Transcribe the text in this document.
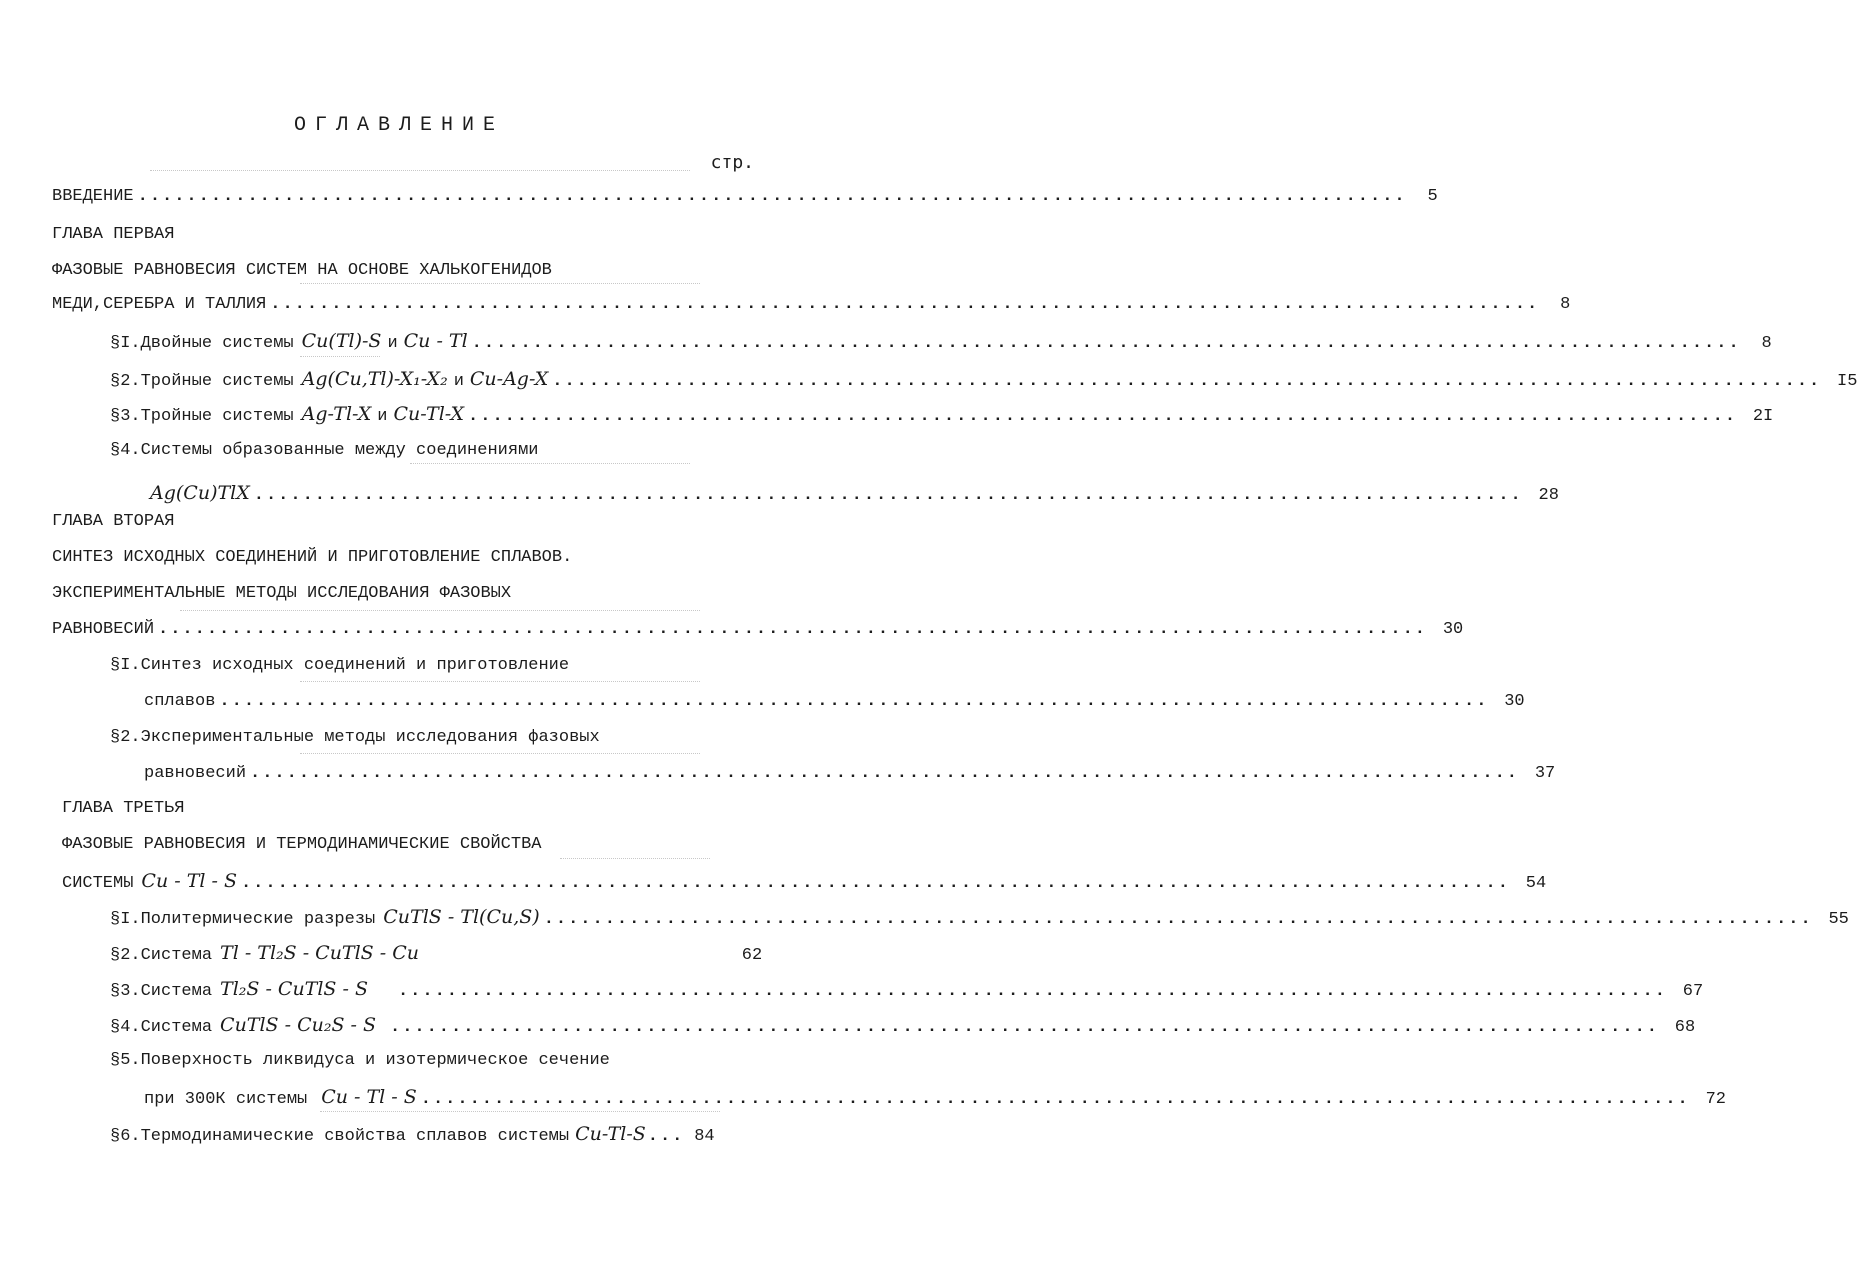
ОГЛАВЛЕНИЕ
стр.
ВВЕДЕНИЕ ........................................................................................................	5
ГЛАВА ПЕРВАЯ
ФАЗОВЫЕ РАВНОВЕСИЯ СИСТЕМ НА ОСНОВЕ ХАЛЬКОГЕНИДОВ
МЕДИ,СЕРЕБРА И ТАЛЛИЯ ........................................................................................................	8
§I.Двойные системы Cu(Tl)-S и Cu - Tl ........................................................................................................	8
§2.Тройные системы Ag(Cu,Tl)-X₁-X₂ и Cu-Ag-X ........................................................................................................ I5
§3.Тройные системы Ag-Tl-X и Cu-Tl-X ........................................................................................................ 2I
§4.Системы образованные между соединениями
Ag(Cu)TlX ........................................................................................................ 28
ГЛАВА ВТОРАЯ
СИНТЕЗ ИСХОДНЫХ СОЕДИНЕНИЙ И ПРИГОТОВЛЕНИЕ СПЛАВОВ.
ЭКСПЕРИМЕНТАЛЬНЫЕ МЕТОДЫ ИССЛЕДОВАНИЯ ФАЗОВЫХ
РАВНОВЕСИЙ ........................................................................................................ 30
§I.Синтез исходных соединений и приготовление
сплавов ........................................................................................................ 30
§2.Экспериментальные методы исследования фазовых
равновесий ........................................................................................................ 37
ГЛАВА ТРЕТЬЯ
ФАЗОВЫЕ РАВНОВЕСИЯ И ТЕРМОДИНАМИЧЕСКИЕ СВОЙСТВА
СИСТЕМЫ Cu - Tl - S ........................................................................................................ 54
§I.Политермические разрезы CuTlS - Tl(Cu,S) ........................................................................................................ 55
§2.Система Tl - Tl₂S - CuTlS - Cu	62
§3.Система Tl₂S - CuTlS - S ........................................................................................................ 67
§4.Система CuTlS - Cu₂S - S ........................................................................................................ 68
§5.Поверхность ликвидуса и изотермическое сечение
при 300К системы Cu - Tl - S ........................................................................................................ 72
§6.Термодинамические свойства сплавов системы Cu-Tl-S ... 84
